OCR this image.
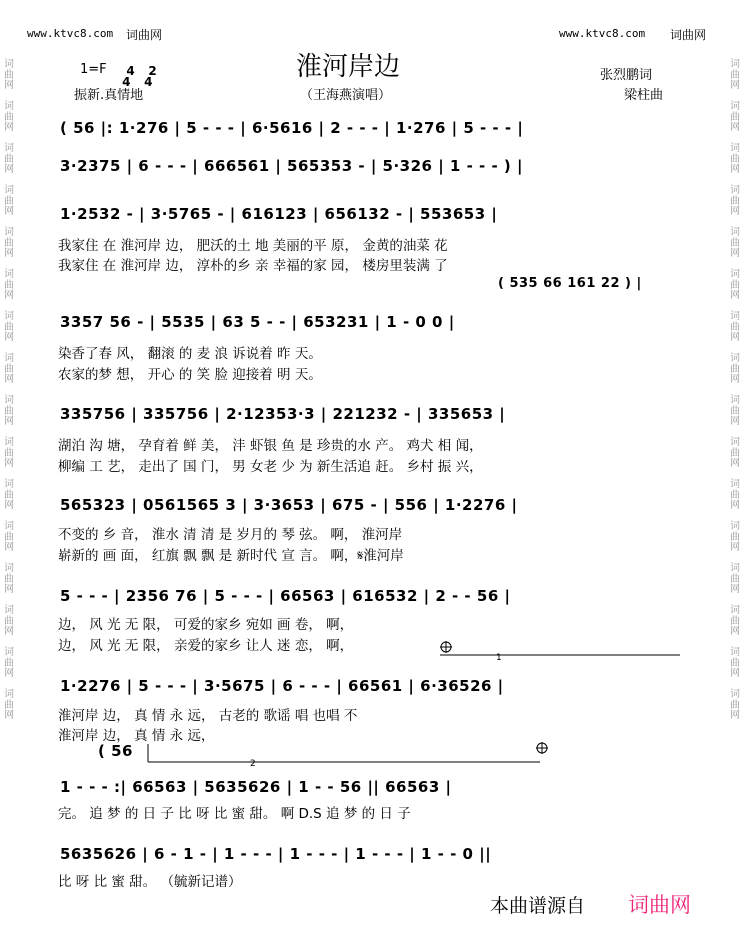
www.ktvc8.com 词曲网	www.ktvc8.com 词曲网
词
曲
网

词
曲
网

词
曲
网

词
曲
网

词
曲
网

词
曲
网

词
曲
网

词
曲
网

词
曲
网

词
曲
网

词
曲
网

词
曲
网

词
曲
网

词
曲
网

词
曲
网

词
曲
网

词
曲
网

词
曲
网

词
曲
网

词
曲
网

词
曲
网

词
曲
网

词
曲
网

词
曲
网

词
曲
网

词
曲
网

词
曲
网

词
曲
网

词
曲
网

词
曲
网

词
曲
网

词
曲
网

1=F	4
4

2
4	淮河岸边
（王海燕演唱）
张烈鹏词
梁柱曲
振新.真情地
( 56 |: 1·276 | 5 - - - | 6·5616 | 2 - - - | 1·276 | 5 - - - |
3·2375 | 6 - - - | 666561 | 565353 - | 5·326 | 1 - - - ) |
1·2532 - | 3·5765 - | 616123 | 656132 - | 553653 |
我家住 在 淮河岸 边， 肥沃的土 地 美丽的平 原， 金黄的油菜 花
我家住 在 淮河岸 边， 淳朴的乡 亲 幸福的家 园， 楼房里装满 了
( 535 66 161 22 ) |
3357 56 - | 5535 | 63 5 - - | 653231 | 1 - 0 0 |
染香了春 风， 翻滚 的 麦 浪 诉说着 昨 天。
农家的梦 想， 开心 的 笑 脸 迎接着 明 天。
335756 | 335756 | 2·12353·3 | 221232 - | 335653 |
湖泊 沟 塘， 孕育着 鲜 美， 沣 虾银 鱼 是 珍贵的水 产。 鸡犬 相 闻，
柳编 工 艺， 走出了 国 门， 男 女老 少 为 新生活追 赶。 乡村 振 兴，
565323 | 0561565 3 | 3·3653 | 675 - | 556 | 1·2276 |
不变的 乡 音， 淮水 清 清 是 岁月的 琴 弦。 啊， 淮河岸
崭新的 画 面， 红旗 飘 飘 是 新时代 宣 言。 啊，𝄋淮河岸
5 - - - | 2356 76 | 5 - - - | 66563 | 616532 | 2 - - 56 |
边， 风 光 无 限， 可爱的家乡 宛如 画 卷， 啊，
边， 风 光 无 限， 亲爱的家乡 让人 迷 恋， 啊，
1·2276 | 5 - - - | 3·5675 | 6 - - - | 66561 | 6·36526 |
淮河岸 边， 真 情 永 远， 古老的 歌谣 唱 也唱 不
淮河岸 边， 真 情 永 远，
( 56
1 - - - :| 66563 | 5635626 | 1 - - 56 || 66563 |
完。 追 梦 的 日 子 比 呀 比 蜜 甜。 啊 D.S 追 梦 的 日 子
5635626 | 6 - 1 - | 1 - - - | 1 - - - | 1 - - - | 1 - - 0 ||
比 呀 比 蜜 甜。 （毓新记谱）
1
2
本曲谱源自 词曲网
